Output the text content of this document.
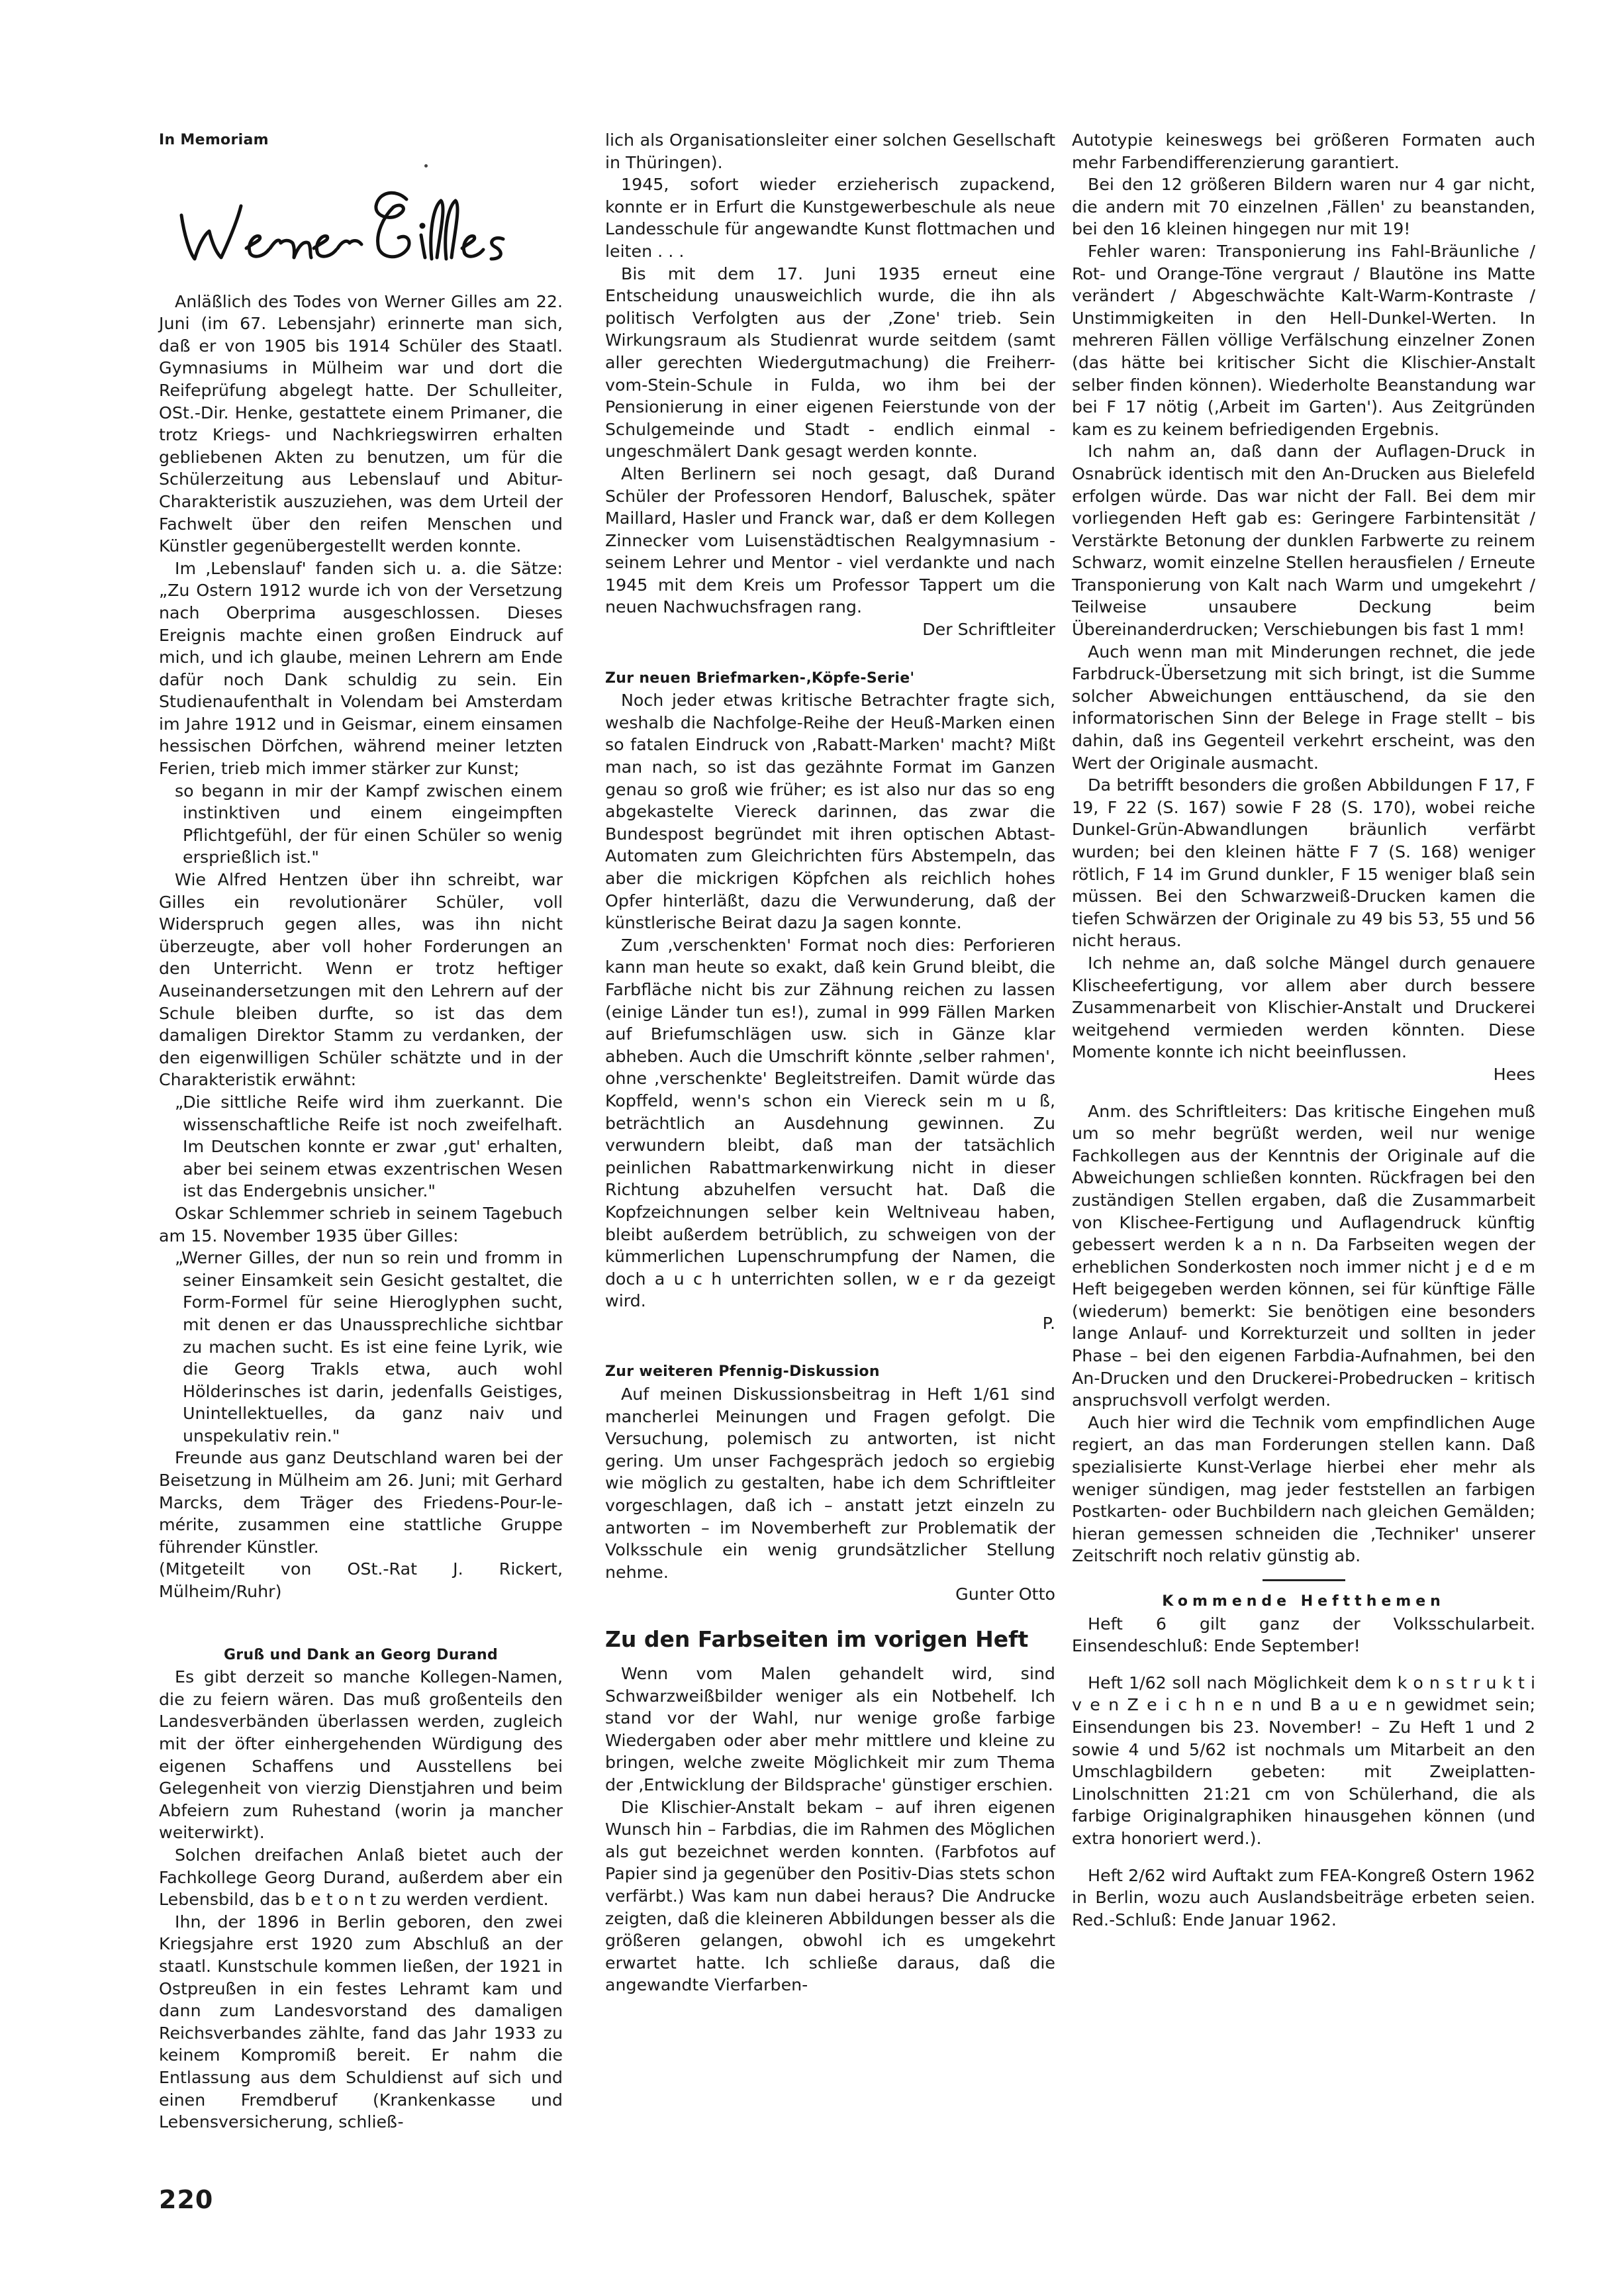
In Memoriam

Anläßlich des Todes von Werner Gilles am 22. Juni (im 67. Lebensjahr) erinnerte man sich, daß er von 1905 bis 1914 Schüler des Staatl. Gymnasiums in Mülheim war und dort die Reifeprüfung abgelegt hatte. Der Schulleiter, OSt.-Dir. Henke, gestattete einem Primaner, die trotz Kriegs- und Nachkriegswirren erhalten gebliebenen Akten zu benutzen, um für die Schülerzeitung aus Lebenslauf und Abitur-Charakteristik auszuziehen, was dem Urteil der Fachwelt über den reifen Menschen und Künstler gegenübergestellt werden konnte.

Im ‚Lebenslauf' fanden sich u. a. die Sätze: „Zu Ostern 1912 wurde ich von der Versetzung nach Oberprima ausgeschlossen. Dieses Ereignis machte einen großen Eindruck auf mich, und ich glaube, meinen Lehrern am Ende dafür noch Dank schuldig zu sein. Ein Studienaufenthalt in Volendam bei Amsterdam im Jahre 1912 und in Geismar, einem einsamen hessischen Dörfchen, während meiner letzten Ferien, trieb mich immer stärker zur Kunst;

so begann in mir der Kampf zwischen einem instinktiven und einem eingeimpften Pflichtgefühl, der für einen Schüler so wenig ersprießlich ist."

Wie Alfred Hentzen über ihn schreibt, war Gilles ein revolutionärer Schüler, voll Widerspruch gegen alles, was ihn nicht überzeugte, aber voll hoher Forderungen an den Unterricht. Wenn er trotz heftiger Auseinandersetzungen mit den Lehrern auf der Schule bleiben durfte, so ist das dem damaligen Direktor Stamm zu verdanken, der den eigenwilligen Schüler schätzte und in der Charakteristik erwähnt:

„Die sittliche Reife wird ihm zuerkannt. Die wissenschaftliche Reife ist noch zweifelhaft. Im Deutschen konnte er zwar ‚gut' erhalten, aber bei seinem etwas exzentrischen Wesen ist das Endergebnis unsicher."

Oskar Schlemmer schrieb in seinem Tagebuch am 15. November 1935 über Gilles:

„Werner Gilles, der nun so rein und fromm in seiner Einsamkeit sein Gesicht gestaltet, die Form-Formel für seine Hieroglyphen sucht, mit denen er das Unaussprechliche sichtbar zu machen sucht. Es ist eine feine Lyrik, wie die Georg Trakls etwa, auch wohl Hölderinsches ist darin, jedenfalls Geistiges, Unintellektuelles, da ganz naiv und unspekulativ rein."

Freunde aus ganz Deutschland waren bei der Beisetzung in Mülheim am 26. Juni; mit Gerhard Marcks, dem Träger des Friedens-Pour-le-mérite, zusammen eine stattliche Gruppe führender Künstler.

(Mitgeteilt von OSt.-Rat J. Rickert, Mülheim/Ruhr)

Gruß und Dank an Georg Durand

Es gibt derzeit so manche Kollegen-Namen, die zu feiern wären. Das muß großenteils den Landesverbänden überlassen werden, zugleich mit der öfter einhergehenden Würdigung des eigenen Schaffens und Ausstellens bei Gelegenheit von vierzig Dienstjahren und beim Abfeiern zum Ruhestand (worin ja mancher weiterwirkt).

Solchen dreifachen Anlaß bietet auch der Fachkollege Georg Durand, außerdem aber ein Lebensbild, das b e t o n t zu werden verdient.

Ihn, der 1896 in Berlin geboren, den zwei Kriegsjahre erst 1920 zum Abschluß an der staatl. Kunstschule kommen ließen, der 1921 in Ostpreußen in ein festes Lehramt kam und dann zum Landesvorstand des damaligen Reichsverbandes zählte, fand das Jahr 1933 zu keinem Kompromiß bereit. Er nahm die Entlassung aus dem Schuldienst auf sich und einen Fremdberuf (Krankenkasse und Lebensversicherung, schließ-

lich als Organisationsleiter einer solchen Gesellschaft in Thüringen).

1945, sofort wieder erzieherisch zupackend, konnte er in Erfurt die Kunstgewerbeschule als neue Landesschule für angewandte Kunst flottmachen und leiten . . .

Bis mit dem 17. Juni 1935 erneut eine Entscheidung unausweichlich wurde, die ihn als politisch Verfolgten aus der ‚Zone' trieb. Sein Wirkungsraum als Studienrat wurde seitdem (samt aller gerechten Wiedergutmachung) die Freiherr-vom-Stein-Schule in Fulda, wo ihm bei der Pensionierung in einer eigenen Feierstunde von der Schulgemeinde und Stadt - endlich einmal - ungeschmälert Dank gesagt werden konnte.

Alten Berlinern sei noch gesagt, daß Durand Schüler der Professoren Hendorf, Baluschek, später Maillard, Hasler und Franck war, daß er dem Kollegen Zinnecker vom Luisenstädtischen Realgymnasium - seinem Lehrer und Mentor - viel verdankte und nach 1945 mit dem Kreis um Professor Tappert um die neuen Nachwuchsfragen rang.

Der Schriftleiter

Zur neuen Briefmarken-‚Köpfe-Serie'

Noch jeder etwas kritische Betrachter fragte sich, weshalb die Nachfolge-Reihe der Heuß-Marken einen so fatalen Eindruck von ‚Rabatt-Marken' macht? Mißt man nach, so ist das gezähnte Format im Ganzen genau so groß wie früher; es ist also nur das so eng abgekastelte Viereck darinnen, das zwar die Bundespost begründet mit ihren optischen Abtast-Automaten zum Gleichrichten fürs Abstempeln, das aber die mickrigen Köpfchen als reichlich hohes Opfer hinterläßt, dazu die Verwunderung, daß der künstlerische Beirat dazu Ja sagen konnte.

Zum ‚verschenkten' Format noch dies: Perforieren kann man heute so exakt, daß kein Grund bleibt, die Farbfläche nicht bis zur Zähnung reichen zu lassen (einige Länder tun es!), zumal in 999 Fällen Marken auf Briefumschlägen usw. sich in Gänze klar abheben. Auch die Umschrift könnte ‚selber rahmen', ohne ‚verschenkte' Begleitstreifen. Damit würde das Kopffeld, wenn's schon ein Viereck sein m u ß, beträchtlich an Ausdehnung gewinnen. Zu verwundern bleibt, daß man der tatsächlich peinlichen Rabattmarkenwirkung nicht in dieser Richtung abzuhelfen versucht hat. Daß die Kopfzeichnungen selber kein Weltniveau haben, bleibt außerdem betrüblich, zu schweigen von der kümmerlichen Lupenschrumpfung der Namen, die doch a u c h unterrichten sollen, w e r da gezeigt wird.

P.

Zur weiteren Pfennig-Diskussion

Auf meinen Diskussionsbeitrag in Heft 1/61 sind mancherlei Meinungen und Fragen gefolgt. Die Versuchung, polemisch zu antworten, ist nicht gering. Um unser Fachgespräch jedoch so ergiebig wie möglich zu gestalten, habe ich dem Schriftleiter vorgeschlagen, daß ich – anstatt jetzt einzeln zu antworten – im Novemberheft zur Problematik der Volksschule ein wenig grundsätzlicher Stellung nehme.

Gunter Otto

Zu den Farbseiten im vorigen Heft

Wenn vom Malen gehandelt wird, sind Schwarzweißbilder weniger als ein Notbehelf. Ich stand vor der Wahl, nur wenige große farbige Wiedergaben oder aber mehr mittlere und kleine zu bringen, welche zweite Möglichkeit mir zum Thema der ‚Entwicklung der Bildsprache' günstiger erschien.

Die Klischier-Anstalt bekam – auf ihren eigenen Wunsch hin – Farbdias, die im Rahmen des Möglichen als gut bezeichnet werden konnten. (Farbfotos auf Papier sind ja gegenüber den Positiv-Dias stets schon verfärbt.) Was kam nun dabei heraus? Die Andrucke zeigten, daß die kleineren Abbildungen besser als die größeren gelangen, obwohl ich es umgekehrt erwartet hatte. Ich schließe daraus, daß die angewandte Vierfarben-

Autotypie keineswegs bei größeren Formaten auch mehr Farbendifferenzierung garantiert.

Bei den 12 größeren Bildern waren nur 4 gar nicht, die andern mit 70 einzelnen ‚Fällen' zu beanstanden, bei den 16 kleinen hingegen nur mit 19!

Fehler waren: Transponierung ins Fahl-Bräunliche / Rot- und Orange-Töne vergraut / Blautöne ins Matte verändert / Abgeschwächte Kalt-Warm-Kontraste / Unstimmigkeiten in den Hell-Dunkel-Werten. In mehreren Fällen völlige Verfälschung einzelner Zonen (das hätte bei kritischer Sicht die Klischier-Anstalt selber finden können). Wiederholte Beanstandung war bei F 17 nötig (‚Arbeit im Garten'). Aus Zeitgründen kam es zu keinem befriedigenden Ergebnis.

Ich nahm an, daß dann der Auflagen-Druck in Osnabrück identisch mit den An-Drucken aus Bielefeld erfolgen würde. Das war nicht der Fall. Bei dem mir vorliegenden Heft gab es: Geringere Farbintensität / Verstärkte Betonung der dunklen Farbwerte zu reinem Schwarz, womit einzelne Stellen herausfielen / Erneute Transponierung von Kalt nach Warm und umgekehrt / Teilweise unsaubere Deckung beim Übereinanderdrucken; Verschiebungen bis fast 1 mm!

Auch wenn man mit Minderungen rechnet, die jede Farbdruck-Übersetzung mit sich bringt, ist die Summe solcher Abweichungen enttäuschend, da sie den informatorischen Sinn der Belege in Frage stellt – bis dahin, daß ins Gegenteil verkehrt erscheint, was den Wert der Originale ausmacht.

Da betrifft besonders die großen Abbildungen F 17, F 19, F 22 (S. 167) sowie F 28 (S. 170), wobei reiche Dunkel-Grün-Abwandlungen bräunlich verfärbt wurden; bei den kleinen hätte F 7 (S. 168) weniger rötlich, F 14 im Grund dunkler, F 15 weniger blaß sein müssen. Bei den Schwarzweiß-Drucken kamen die tiefen Schwärzen der Originale zu 49 bis 53, 55 und 56 nicht heraus.

Ich nehme an, daß solche Mängel durch genauere Klischeefertigung, vor allem aber durch bessere Zusammenarbeit von Klischier-Anstalt und Druckerei weitgehend vermieden werden könnten. Diese Momente konnte ich nicht beeinflussen.

Hees

Anm. des Schriftleiters: Das kritische Eingehen muß um so mehr begrüßt werden, weil nur wenige Fachkollegen aus der Kenntnis der Originale auf die Abweichungen schließen konnten. Rückfragen bei den zuständigen Stellen ergaben, daß die Zusammarbeit von Klischee-Fertigung und Auflagendruck künftig gebessert werden k a n n. Da Farbseiten wegen der erheblichen Sonderkosten noch immer nicht j e d e m Heft beigegeben werden können, sei für künftige Fälle (wiederum) bemerkt: Sie benötigen eine besonders lange Anlauf- und Korrekturzeit und sollten in jeder Phase – bei den eigenen Farbdia-Aufnahmen, bei den An-Drucken und den Druckerei-Probedrucken – kritisch anspruchsvoll verfolgt werden.

Auch hier wird die Technik vom empfindlichen Auge regiert, an das man Forderungen stellen kann. Daß spezialisierte Kunst-Verlage hierbei eher mehr als weniger sündigen, mag jeder feststellen an farbigen Postkarten- oder Buchbildern nach gleichen Gemälden; hieran gemessen schneiden die ‚Techniker' unserer Zeitschrift noch relativ günstig ab.

Kommende Heftthemen

Heft 6 gilt ganz der Volksschularbeit. Einsendeschluß: Ende September!

Heft 1/62 soll nach Möglichkeit dem k o n s t r u k t i v e n Z e i c h n e n und B a u e n gewidmet sein; Einsendungen bis 23. November! – Zu Heft 1 und 2 sowie 4 und 5/62 ist nochmals um Mitarbeit an den Umschlagbildern gebeten: mit Zweiplatten-Linolschnitten 21:21 cm von Schülerhand, die als farbige Originalgraphiken hinausgehen können (und extra honoriert werd.).

Heft 2/62 wird Auftakt zum FEA-Kongreß Ostern 1962 in Berlin, wozu auch Auslandsbeiträge erbeten seien. Red.-Schluß: Ende Januar 1962.

220
